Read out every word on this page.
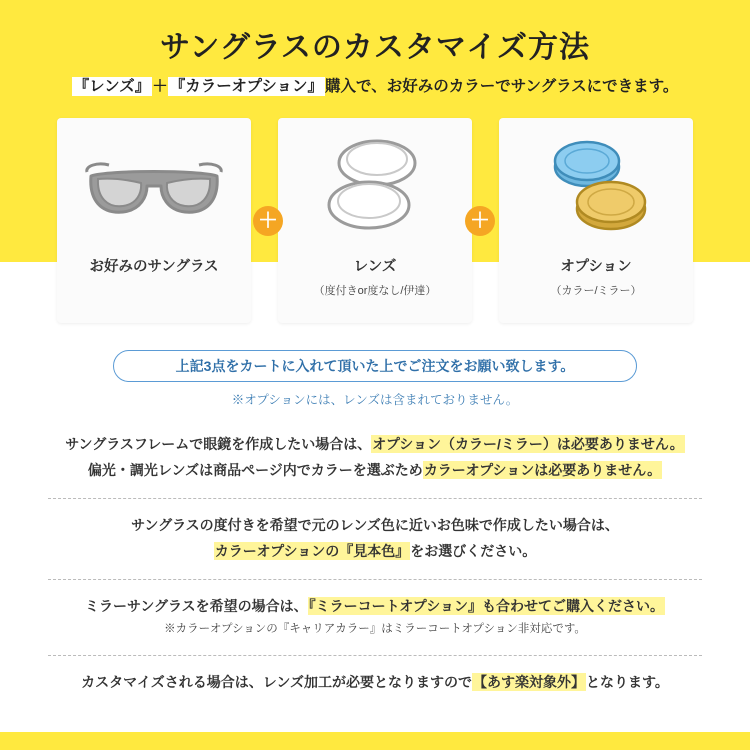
サングラスのカスタマイズ方法
『レンズ』 ＋ 『カラーオプション』 購入で、お好みのカラーでサングラスにできます。
お好みのサングラス	レンズ
（度付きor度なし/伊達）
オプション
（カラー/ミラー）
＋	＋
上記3点をカートに入れて頂いた上でご注文をお願い致します。
※オプションには、レンズは含まれておりません。
サングラスフレームで眼鏡を作成したい場合は、オプション（カラー/ミラー）は必要ありません。
偏光・調光レンズは商品ページ内でカラーを選ぶためカラーオプションは必要ありません。
サングラスの度付きを希望で元のレンズ色に近いお色味で作成したい場合は、
カラーオプションの『見本色』をお選びください。
ミラーサングラスを希望の場合は、『ミラーコートオプション』も合わせてご購入ください。
※カラーオプションの『キャリアカラー』はミラーコートオプション非対応です。
カスタマイズされる場合は、レンズ加工が必要となりますので【あす楽対象外】となります。
